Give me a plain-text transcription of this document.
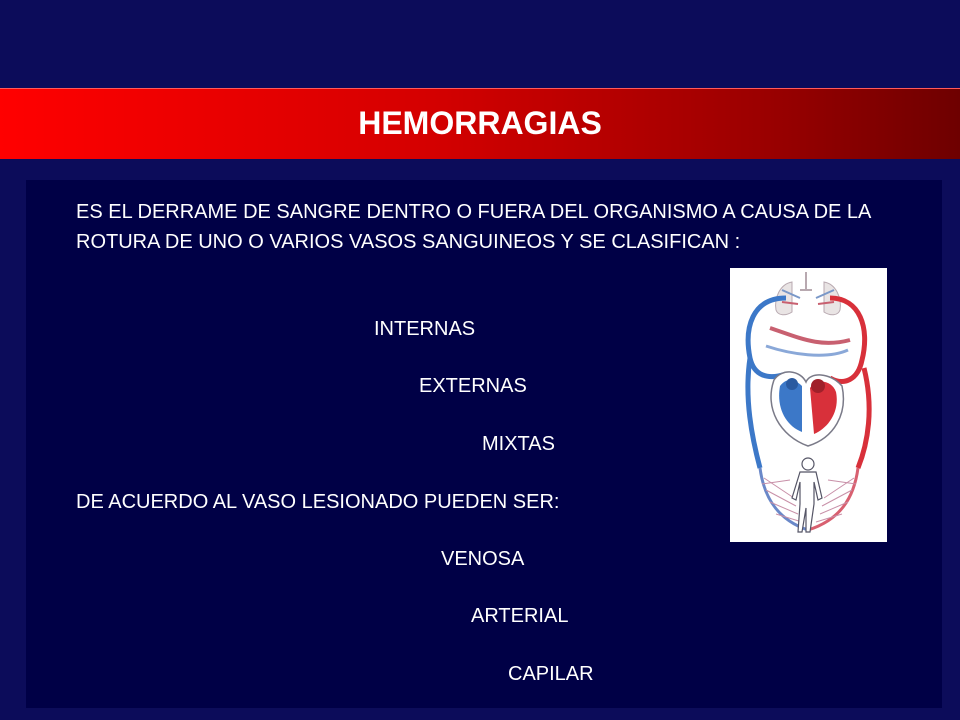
HEMORRAGIAS
ES EL DERRAME DE SANGRE DENTRO O FUERA DEL ORGANISMO A CAUSA DE LA ROTURA DE UNO O VARIOS VASOS SANGUINEOS Y SE CLASIFICAN :
INTERNAS
EXTERNAS
MIXTAS
DE ACUERDO AL VASO LESIONADO PUEDEN SER:
VENOSA
ARTERIAL
CAPILAR
